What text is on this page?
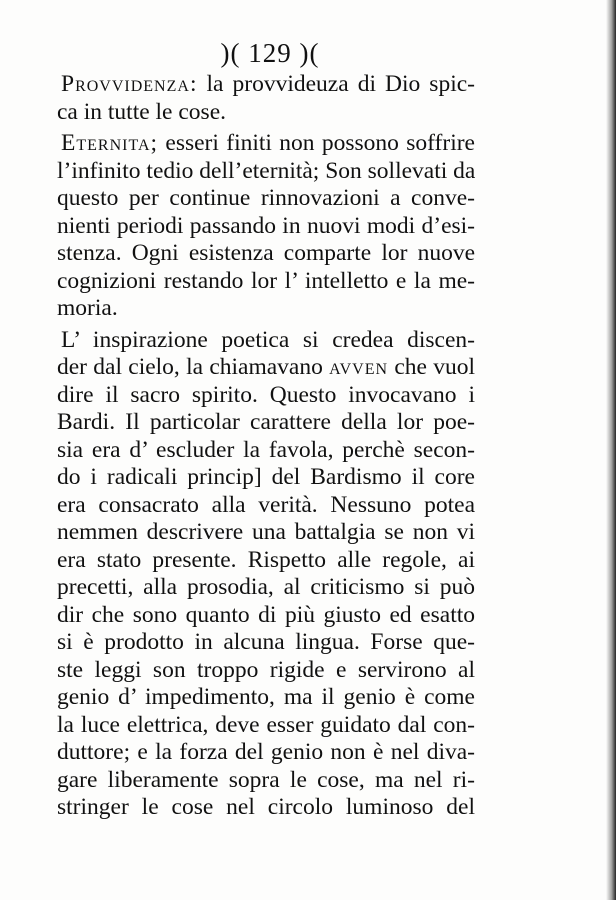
)( 129 )(
Provvidenza: la provvideuza di Dio spic-
ca in tutte le cose.
Eternita; esseri finiti non possono soffrire
l’infinito tedio dell’eternità; Son sollevati da
questo per continue rinnovazioni a conve-
nienti periodi passando in nuovi modi d’esi-
stenza. Ogni esistenza comparte lor nuove
cognizioni restando lor l’ intelletto e la me-
moria.
L’ inspirazione poetica si credea discen-
der dal cielo, la chiamavano avven che vuol
dire il sacro spirito. Questo invocavano i
Bardi. Il particolar carattere della lor poe-
sia era d’ escluder la favola, perchè secon-
do i radicali princip] del Bardismo il core
era consacrato alla verità. Nessuno potea
nemmen descrivere una battalgia se non vi
era stato presente. Rispetto alle regole, ai
precetti, alla prosodia, al criticismo si può
dir che sono quanto di più giusto ed esatto
si è prodotto in alcuna lingua. Forse que-
ste leggi son troppo rigide e servirono al
genio d’ impedimento, ma il genio è come
la luce elettrica, deve esser guidato dal con-
duttore; e la forza del genio non è nel diva-
gare liberamente sopra le cose, ma nel ri-
stringer le cose nel circolo luminoso del
